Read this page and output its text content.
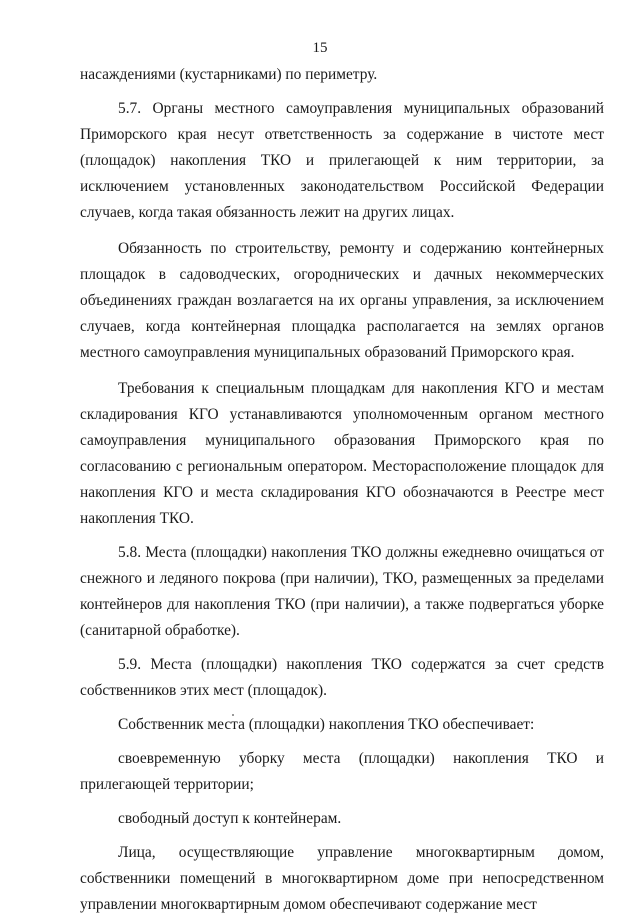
15

насаждениями (кустарниками) по периметру.

5.7. Органы местного самоуправления муниципальных образований Приморского края несут ответственность за содержание в чистоте мест (площадок) накопления ТКО и прилегающей к ним территории, за исключением установленных законодательством Российской Федерации случаев, когда такая обязанность лежит на других лицах.

Обязанность по строительству, ремонту и содержанию контейнерных площадок в садоводческих, огороднических и дачных некоммерческих объединениях граждан возлагается на их органы управления, за исключением случаев, когда контейнерная площадка располагается на землях органов местного самоуправления муниципальных образований Приморского края.

Требования к специальным площадкам для накопления КГО и местам складирования КГО устанавливаются уполномоченным органом местного самоуправления муниципального образования Приморского края по согласованию с региональным оператором. Месторасположение площадок для накопления КГО и места складирования КГО обозначаются в Реестре мест накопления ТКО.

5.8. Места (площадки) накопления ТКО должны ежедневно очищаться от снежного и ледяного покрова (при наличии), ТКО, размещенных за пределами контейнеров для накопления ТКО (при наличии), а также подвергаться уборке (санитарной обработке).

5.9. Места (площадки) накопления ТКО содержатся за счет средств собственников этих мест (площадок).

Собственник места (площадки) накопления ТКО обеспечивает:

своевременную уборку места (площадки) накопления ТКО и прилегающей территории;

свободный доступ к контейнерам.

Лица, осуществляющие управление многоквартирным домом, собственники помещений в многоквартирном доме при непосредственном управлении многоквартирным домом обеспечивают содержание мест
